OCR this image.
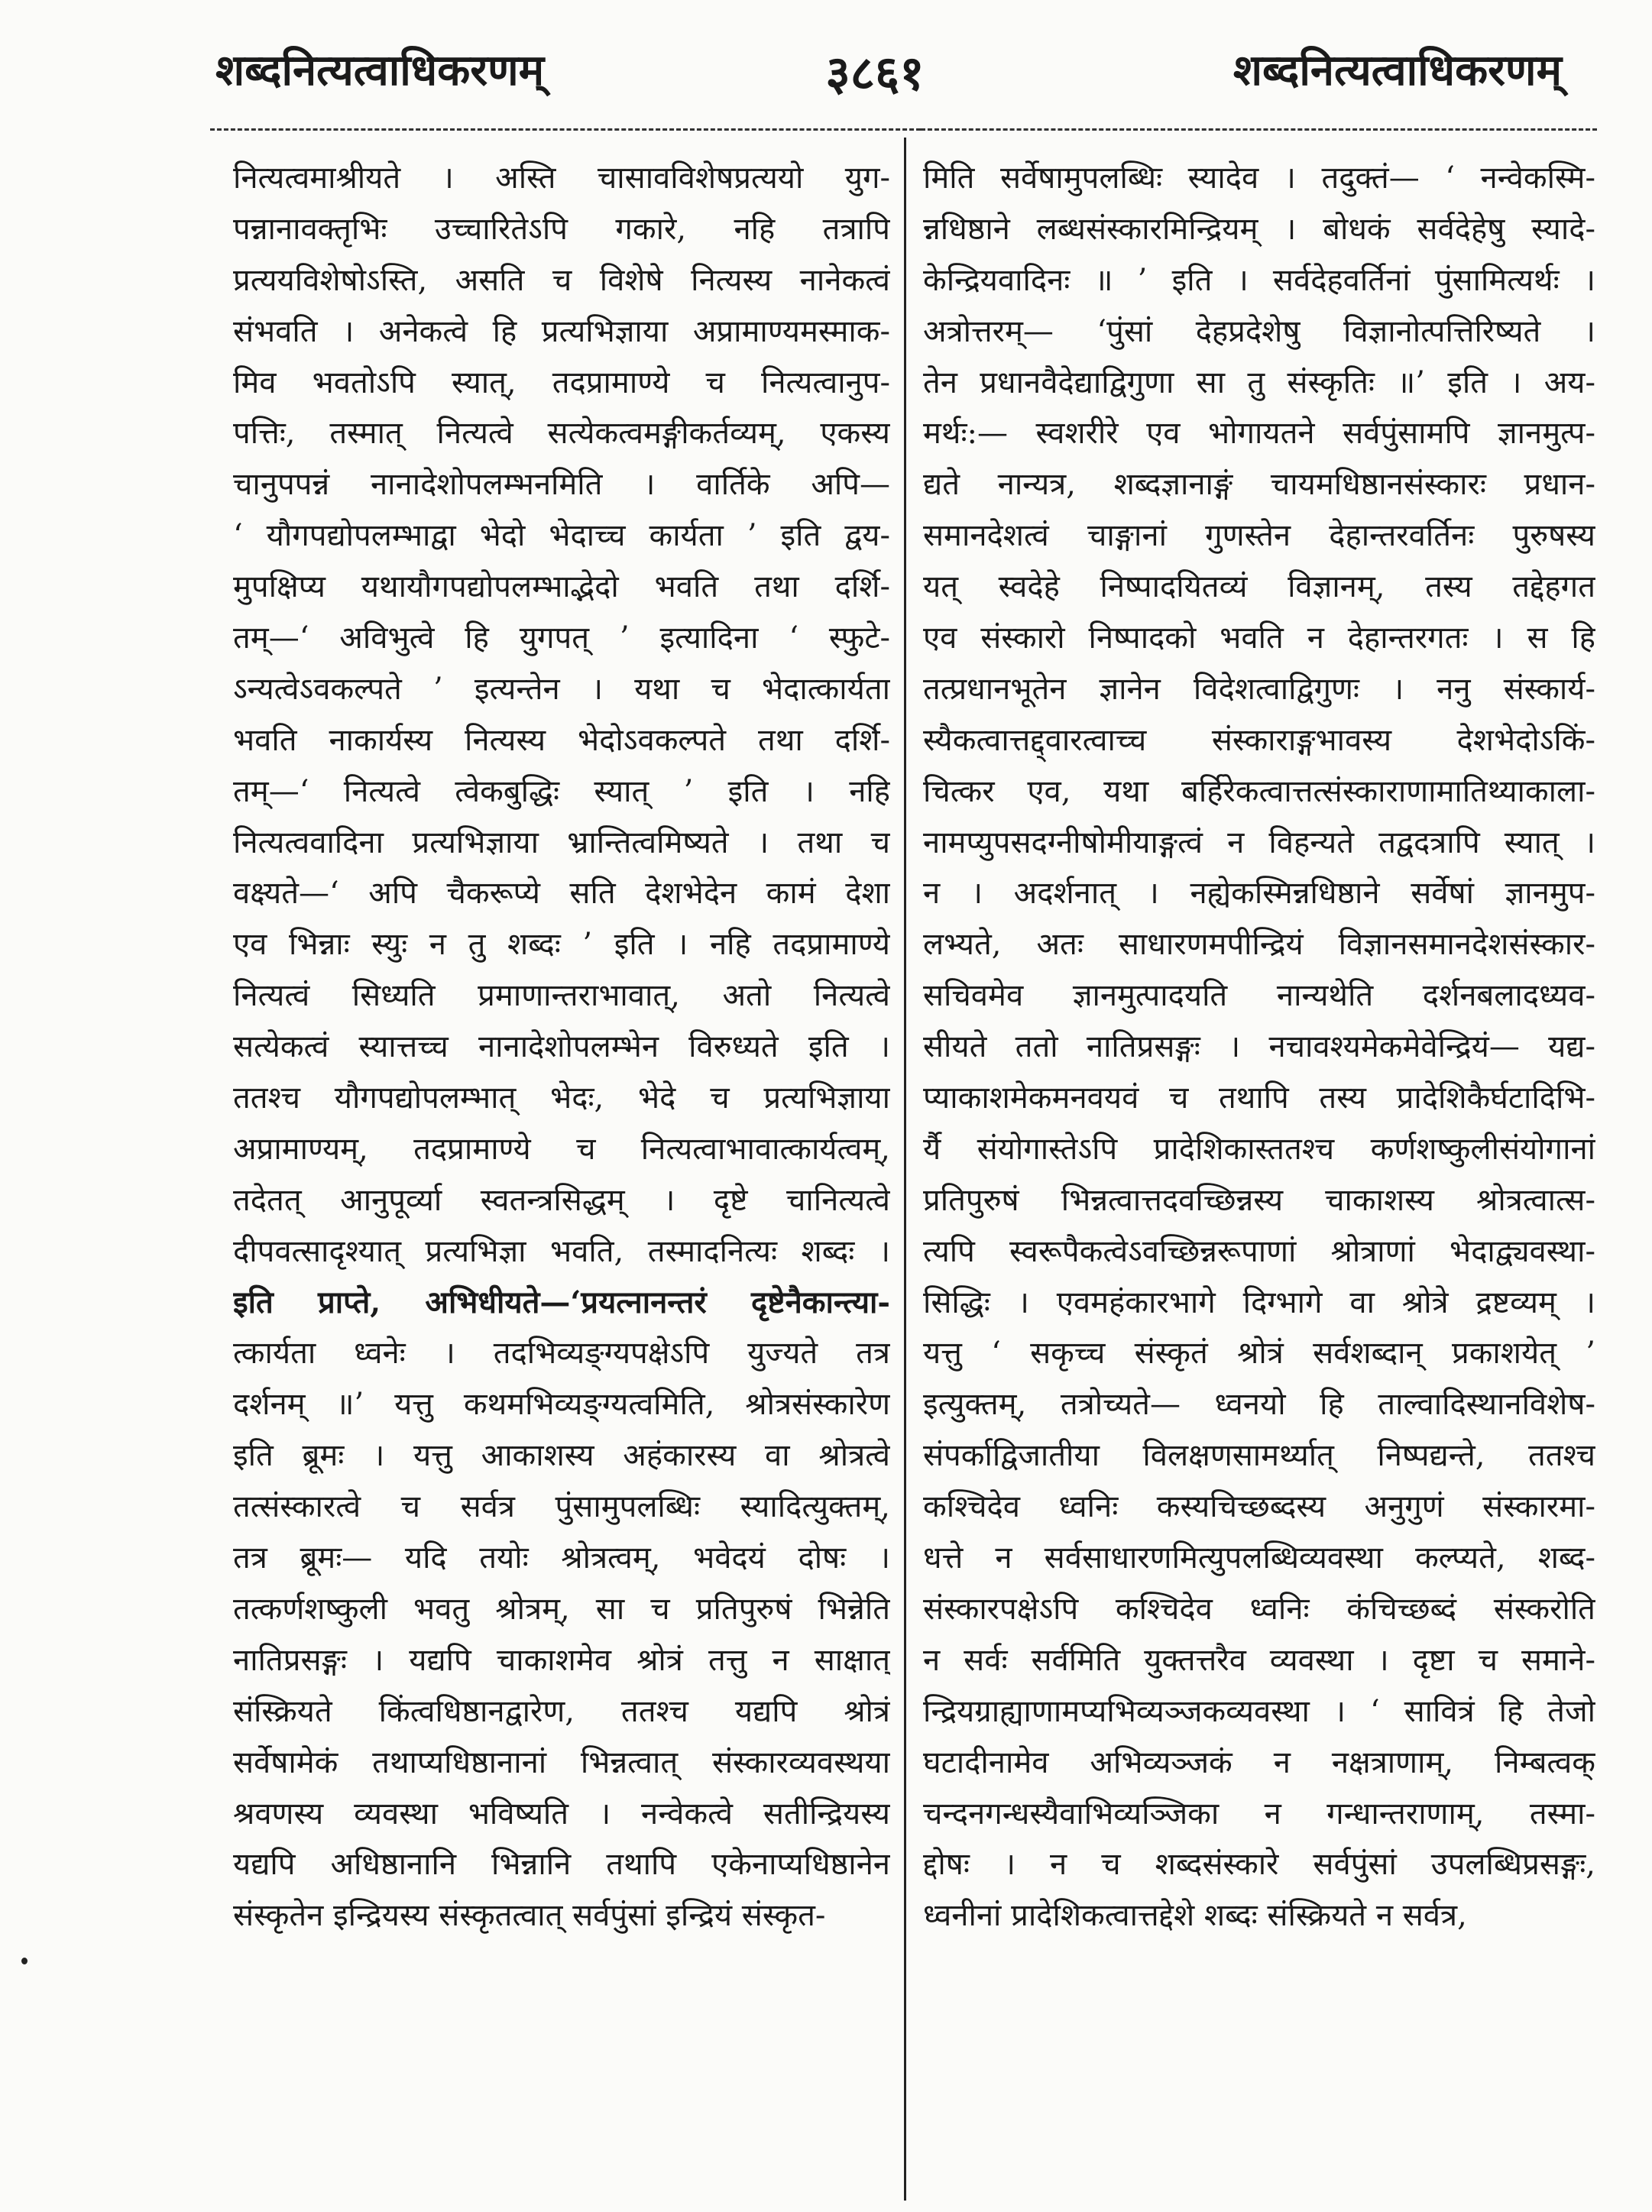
शब्दनित्यत्वाधिकरणम्	३८६१	शब्दनित्यत्वाधिकरणम्
नित्यत्वमाश्रीयते । अस्ति चासावविशेषप्रत्ययो युग-
पन्नानावक्तृभिः उच्चारितेऽपि गकारे, नहि तत्रापि
प्रत्ययविशेषोऽस्ति, असति च विशेषे नित्यस्य नानेकत्वं
संभवति । अनेकत्वे हि प्रत्यभिज्ञाया अप्रामाण्यमस्माक-
मिव भवतोऽपि स्यात्, तदप्रामाण्ये च नित्यत्वानुप-
पत्तिः, तस्मात् नित्यत्वे सत्येकत्वमङ्गीकर्तव्यम्, एकस्य
चानुपपन्नं नानादेशोपलम्भनमिति । वार्तिके अपि—
‘ यौगपद्योपलम्भाद्वा भेदो भेदाच्च कार्यता ’ इति द्वय-
मुपक्षिप्य यथायौगपद्योपलम्भाद्भेदो भवति तथा दर्शि-
तम्—‘ अविभुत्वे हि युगपत् ’ इत्यादिना ‘ स्फुटे-
ऽन्यत्वेऽवकल्पते ’ इत्यन्तेन । यथा च भेदात्कार्यता
भवति नाकार्यस्य नित्यस्य भेदोऽवकल्पते तथा दर्शि-
तम्—‘ नित्यत्वे त्वेकबुद्धिः स्यात् ’ इति । नहि
नित्यत्ववादिना प्रत्यभिज्ञाया भ्रान्तित्वमिष्यते । तथा च
वक्ष्यते—‘ अपि चैकरूप्ये सति देशभेदेन कामं देशा
एव भिन्नाः स्युः न तु शब्दः ’ इति । नहि तदप्रामाण्ये
नित्यत्वं सिध्यति प्रमाणान्तराभावात्, अतो नित्यत्वे
सत्येकत्वं स्यात्तच्च नानादेशोपलम्भेन विरुध्यते इति ।
ततश्च यौगपद्योपलम्भात् भेदः, भेदे च प्रत्यभिज्ञाया
अप्रामाण्यम्, तदप्रामाण्ये च नित्यत्वाभावात्कार्यत्वम्,
तदेतत् आनुपूर्व्या स्वतन्त्रसिद्धम् । दृष्टे चानित्यत्वे
दीपवत्सादृश्यात् प्रत्यभिज्ञा भवति, तस्मादनित्यः शब्दः ।
इति प्राप्ते, अभिधीयते—‘प्रयत्नानन्तरं दृष्टेनैकान्त्या-
त्कार्यता ध्वनेः । तदभिव्यङ्ग्यपक्षेऽपि युज्यते तत्र
दर्शनम् ॥’ यत्तु कथमभिव्यङ्ग्यत्वमिति, श्रोत्रसंस्कारेण
इति ब्रूमः । यत्तु आकाशस्य अहंकारस्य वा श्रोत्रत्वे
तत्संस्कारत्वे च सर्वत्र पुंसामुपलब्धिः स्यादित्युक्तम्,
तत्र ब्रूमः— यदि तयोः श्रोत्रत्वम्, भवेदयं दोषः ।
तत्कर्णशष्कुली भवतु श्रोत्रम्, सा च प्रतिपुरुषं भिन्नेति
नातिप्रसङ्गः । यद्यपि चाकाशमेव श्रोत्रं तत्तु न साक्षात्
संस्क्रियते किंत्वधिष्ठानद्वारेण, ततश्च यद्यपि श्रोत्रं
सर्वेषामेकं तथाप्यधिष्ठानानां भिन्नत्वात् संस्कारव्यवस्थया
श्रवणस्य व्यवस्था भविष्यति । नन्वेकत्वे सतीन्द्रियस्य
यद्यपि अधिष्ठानानि भिन्नानि तथापि एकेनाप्यधिष्ठानेन
संस्कृतेन इन्द्रियस्य संस्कृतत्वात् सर्वपुंसां इन्द्रियं संस्कृत-
मिति सर्वेषामुपलब्धिः स्यादेव । तदुक्तं— ‘ नन्वेकस्मि-
न्नधिष्ठाने लब्धसंस्कारमिन्द्रियम् । बोधकं सर्वदेहेषु स्यादे-
केन्द्रियवादिनः ॥ ’ इति । सर्वदेहवर्तिनां पुंसामित्यर्थः ।
अत्रोत्तरम्— ‘पुंसां देहप्रदेशेषु विज्ञानोत्पत्तिरिष्यते ।
तेन प्रधानवैदेद्याद्विगुणा सा तु संस्कृतिः ॥’ इति । अय-
मर्थः:— स्वशरीरे एव भोगायतने सर्वपुंसामपि ज्ञानमुत्प-
द्यते नान्यत्र, शब्दज्ञानाङ्गं चायमधिष्ठानसंस्कारः प्रधान-
समानदेशत्वं चाङ्गानां गुणस्तेन देहान्तरवर्तिनः पुरुषस्य
यत् स्वदेहे निष्पादयितव्यं विज्ञानम्, तस्य तद्देहगत
एव संस्कारो निष्पादको भवति न देहान्तरगतः । स हि
तत्प्रधानभूतेन ज्ञानेन विदेशत्वाद्विगुणः । ननु संस्कार्य-
स्यैकत्वात्तद्द्वारत्वाच्च संस्काराङ्गभावस्य देशभेदोऽकिं-
चित्कर एव, यथा बर्हिरेकत्वात्तत्संस्काराणामातिथ्याकाला-
नामप्युपसदग्नीषोमीयाङ्गत्वं न विहन्यते तद्वदत्रापि स्यात् ।
न । अदर्शनात् । नह्येकस्मिन्नधिष्ठाने सर्वेषां ज्ञानमुप-
लभ्यते, अतः साधारणमपीन्द्रियं विज्ञानसमानदेशसंस्कार-
सचिवमेव ज्ञानमुत्पादयति नान्यथेति दर्शनबलादध्यव-
सीयते ततो नातिप्रसङ्गः । नचावश्यमेकमेवेन्द्रियं— यद्य-
प्याकाशमेकमनवयवं च तथापि तस्य प्रादेशिकैर्घटादिभि-
र्यै संयोगास्तेऽपि प्रादेशिकास्ततश्च कर्णशष्कुलीसंयोगानां
प्रतिपुरुषं भिन्नत्वात्तदवच्छिन्नस्य चाकाशस्य श्रोत्रत्वात्स-
त्यपि स्वरूपैकत्वेऽवच्छिन्नरूपाणां श्रोत्राणां भेदाद्व्यवस्था-
सिद्धिः । एवमहंकारभागे दिग्भागे वा श्रोत्रे द्रष्टव्यम् ।
यत्तु ‘ सकृच्च संस्कृतं श्रोत्रं सर्वशब्दान् प्रकाशयेत् ’
इत्युक्तम्, तत्रोच्यते— ध्वनयो हि ताल्वादिस्थानविशेष-
संपर्काद्विजातीया विलक्षणसामर्थ्यात् निष्पद्यन्ते, ततश्च
कश्चिदेव ध्वनिः कस्यचिच्छब्दस्य अनुगुणं संस्कारमा-
धत्ते न सर्वसाधारणमित्युपलब्धिव्यवस्था कल्प्यते, शब्द-
संस्कारपक्षेऽपि कश्चिदेव ध्वनिः कंचिच्छब्दं संस्करोति
न सर्वः सर्वमिति युक्तत्तरैव व्यवस्था । दृष्टा च समाने-
न्द्रियग्राह्याणामप्यभिव्यञ्जकव्यवस्था । ‘ सावित्रं हि तेजो
घटादीनामेव अभिव्यञ्जकं न नक्षत्राणाम्, निम्बत्वक्
चन्दनगन्धस्यैवाभिव्यञ्जिका न गन्धान्तराणाम्, तस्मा-
द्दोषः । न च शब्दसंस्कारे सर्वपुंसां उपलब्धिप्रसङ्गः,
ध्वनीनां प्रादेशिकत्वात्तद्देशे शब्दः संस्क्रियते न सर्वत्र,
